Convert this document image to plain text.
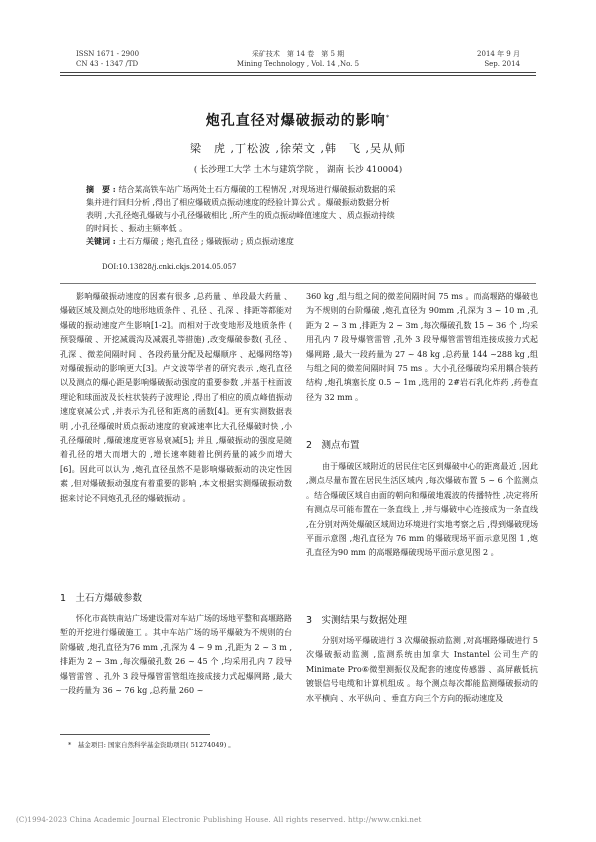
ISSN 1671 - 2900
CN 43 - 1347 /TD
采矿技术　第 14 卷　第 5 期
Mining Technology , Vol. 14 ,No. 5
2014 年 9 月
Sep. 2014
炮孔直径对爆破振动的影响*
梁　虎 ,丁松波 ,徐荣文 ,韩　飞 ,吴从师
( 长沙理工大学 土木与建筑学院 ， 湖南 长沙 410004)
摘　要 : 结合某高铁车站广场两处土石方爆破的工程情况 ,对现场进行爆破振动数据的采
集并进行回归分析 ,得出了相应爆破质点振动速度的经验计算公式 。爆破振动数据分析
表明 ,大孔径炮孔爆破与小孔径爆破相比 ,所产生的质点振动峰值速度大 、质点振动持续
的时间长 、振动主频率低 。
关键词 : 土石方爆破 ; 炮孔直径 ; 爆破振动 ; 质点振动速度
DOI:10.13828/j.cnki.ckjs.2014.05.057

影响爆破振动速度的因素有很多 ,总药量 、单段最大药量 、爆破区域及测点处的地形地质条件 、孔径 、孔深 、排距等都能对爆破的振动速度产生影响[1-2]。而相对于改变地形及地质条件 ( 预裂爆破 、开挖减震沟及减震孔等措施) ,改变爆破参数( 孔径 、孔深 、微差间隔时间 、各段药量分配及起爆顺序 、起爆网络等) 对爆破振动的影响更大[3]。卢文波等学者的研究表示 ,炮孔直径以及测点的爆心距是影响爆破振动强度的重要参数 ,并基于柱面波理论和球面波及长柱状装药子波理论 ,得出了相应的质点峰值振动速度衰减公式 ,并表示为孔径和距离的函数[4]。更有实测数据表明 ,小孔径爆破时质点振动速度的衰减速率比大孔径爆破时快 ,小孔径爆破时 ,爆破速度更容易衰减[5]; 并且 ,爆破振动的强度是随着孔径的增大而增大的 ,增长速率随着比例药量的减少而增大[6]。因此可以认为 ,炮孔直径虽然不是影响爆破振动的决定性因素 ,但对爆破振动强度有着重要的影响 ,本文根据实测爆破振动数据来讨论不同炮孔孔径的爆破振动 。

1　土石方爆破参数

怀化市高铁南站广场建设需对车站广场的场地平整和高堰路路堑的开挖进行爆破施工 。其中车站广场的场平爆破为不规则的台阶爆破 ,炮孔直径为76 mm ,孔深为 4 ~ 9 m ,孔距为 2 ~ 3 m ,排距为 2 ~ 3m ,每次爆破孔数 26 ~ 45 个 ,均采用孔内 7 段导爆管雷管 、孔外 3 段导爆管雷管组连接成接力式起爆网路 ,最大一段药量为 36 ~ 76 kg ,总药量 260 ~

360 kg ,组与组之间的微差间隔时间 75 ms 。而高堰路的爆破也为不规则的台阶爆破 ,炮孔直径为 90mm ,孔深为 3 ~ 10 m ,孔距为 2 ~ 3 m ,排距为 2 ~ 3m ,每次爆破孔数 15 ~ 36 个 ,均采用孔内 7 段导爆管雷管 ,孔外 3 段导爆管雷管组连接成接力式起爆网路 ,最大一段药量为 27 ~ 48 kg ,总药量 144 ~288 kg ,组与组之间的微差间隔时间 75 ms 。大小孔径爆破均采用耦合装药结构 ,炮孔填塞长度 0.5 ~ 1m ,选用的 2#岩石乳化炸药 ,药卷直径为 32 mm 。

2　测点布置

由于爆破区域附近的居民住宅区到爆破中心的距离最近 ,因此 ,测点尽量布置在居民生活区域内 ,每次爆破布置 5 ~ 6 个监测点 。结合爆破区域自由面的朝向和爆破地震波的传播特性 ,决定将所有测点尽可能布置在一条直线上 ,并与爆破中心连接成为一条直线 ,在分别对两处爆破区域周边环境进行实地考察之后 ,得到爆破现场平面示意图 ,炮孔直径为 76 mm 的爆破现场平面示意见图 1 ,炮孔直径为90 mm 的高堰路爆破现场平面示意见图 2 。

3　实测结果与数据处理

分别对场平爆破进行 3 次爆破振动监测 ,对高堰路爆破进行 5 次爆破振动监测 ,监测系统由加拿大 Instantel 公司生产的 Minimate Pro⑥微型测振仪及配套的速度传感器 、高屏蔽低抗镀银信号电缆和计算机组成 。每个测点每次都能监测爆破振动的水平横向 、水平纵向 、垂直方向三个方向的振动速度及

*　基金项目: 国家自然科学基金资助项目( 51274049) 。
(C)1994-2023 China Academic Journal Electronic Publishing House. All rights reserved. http://www.cnki.net
